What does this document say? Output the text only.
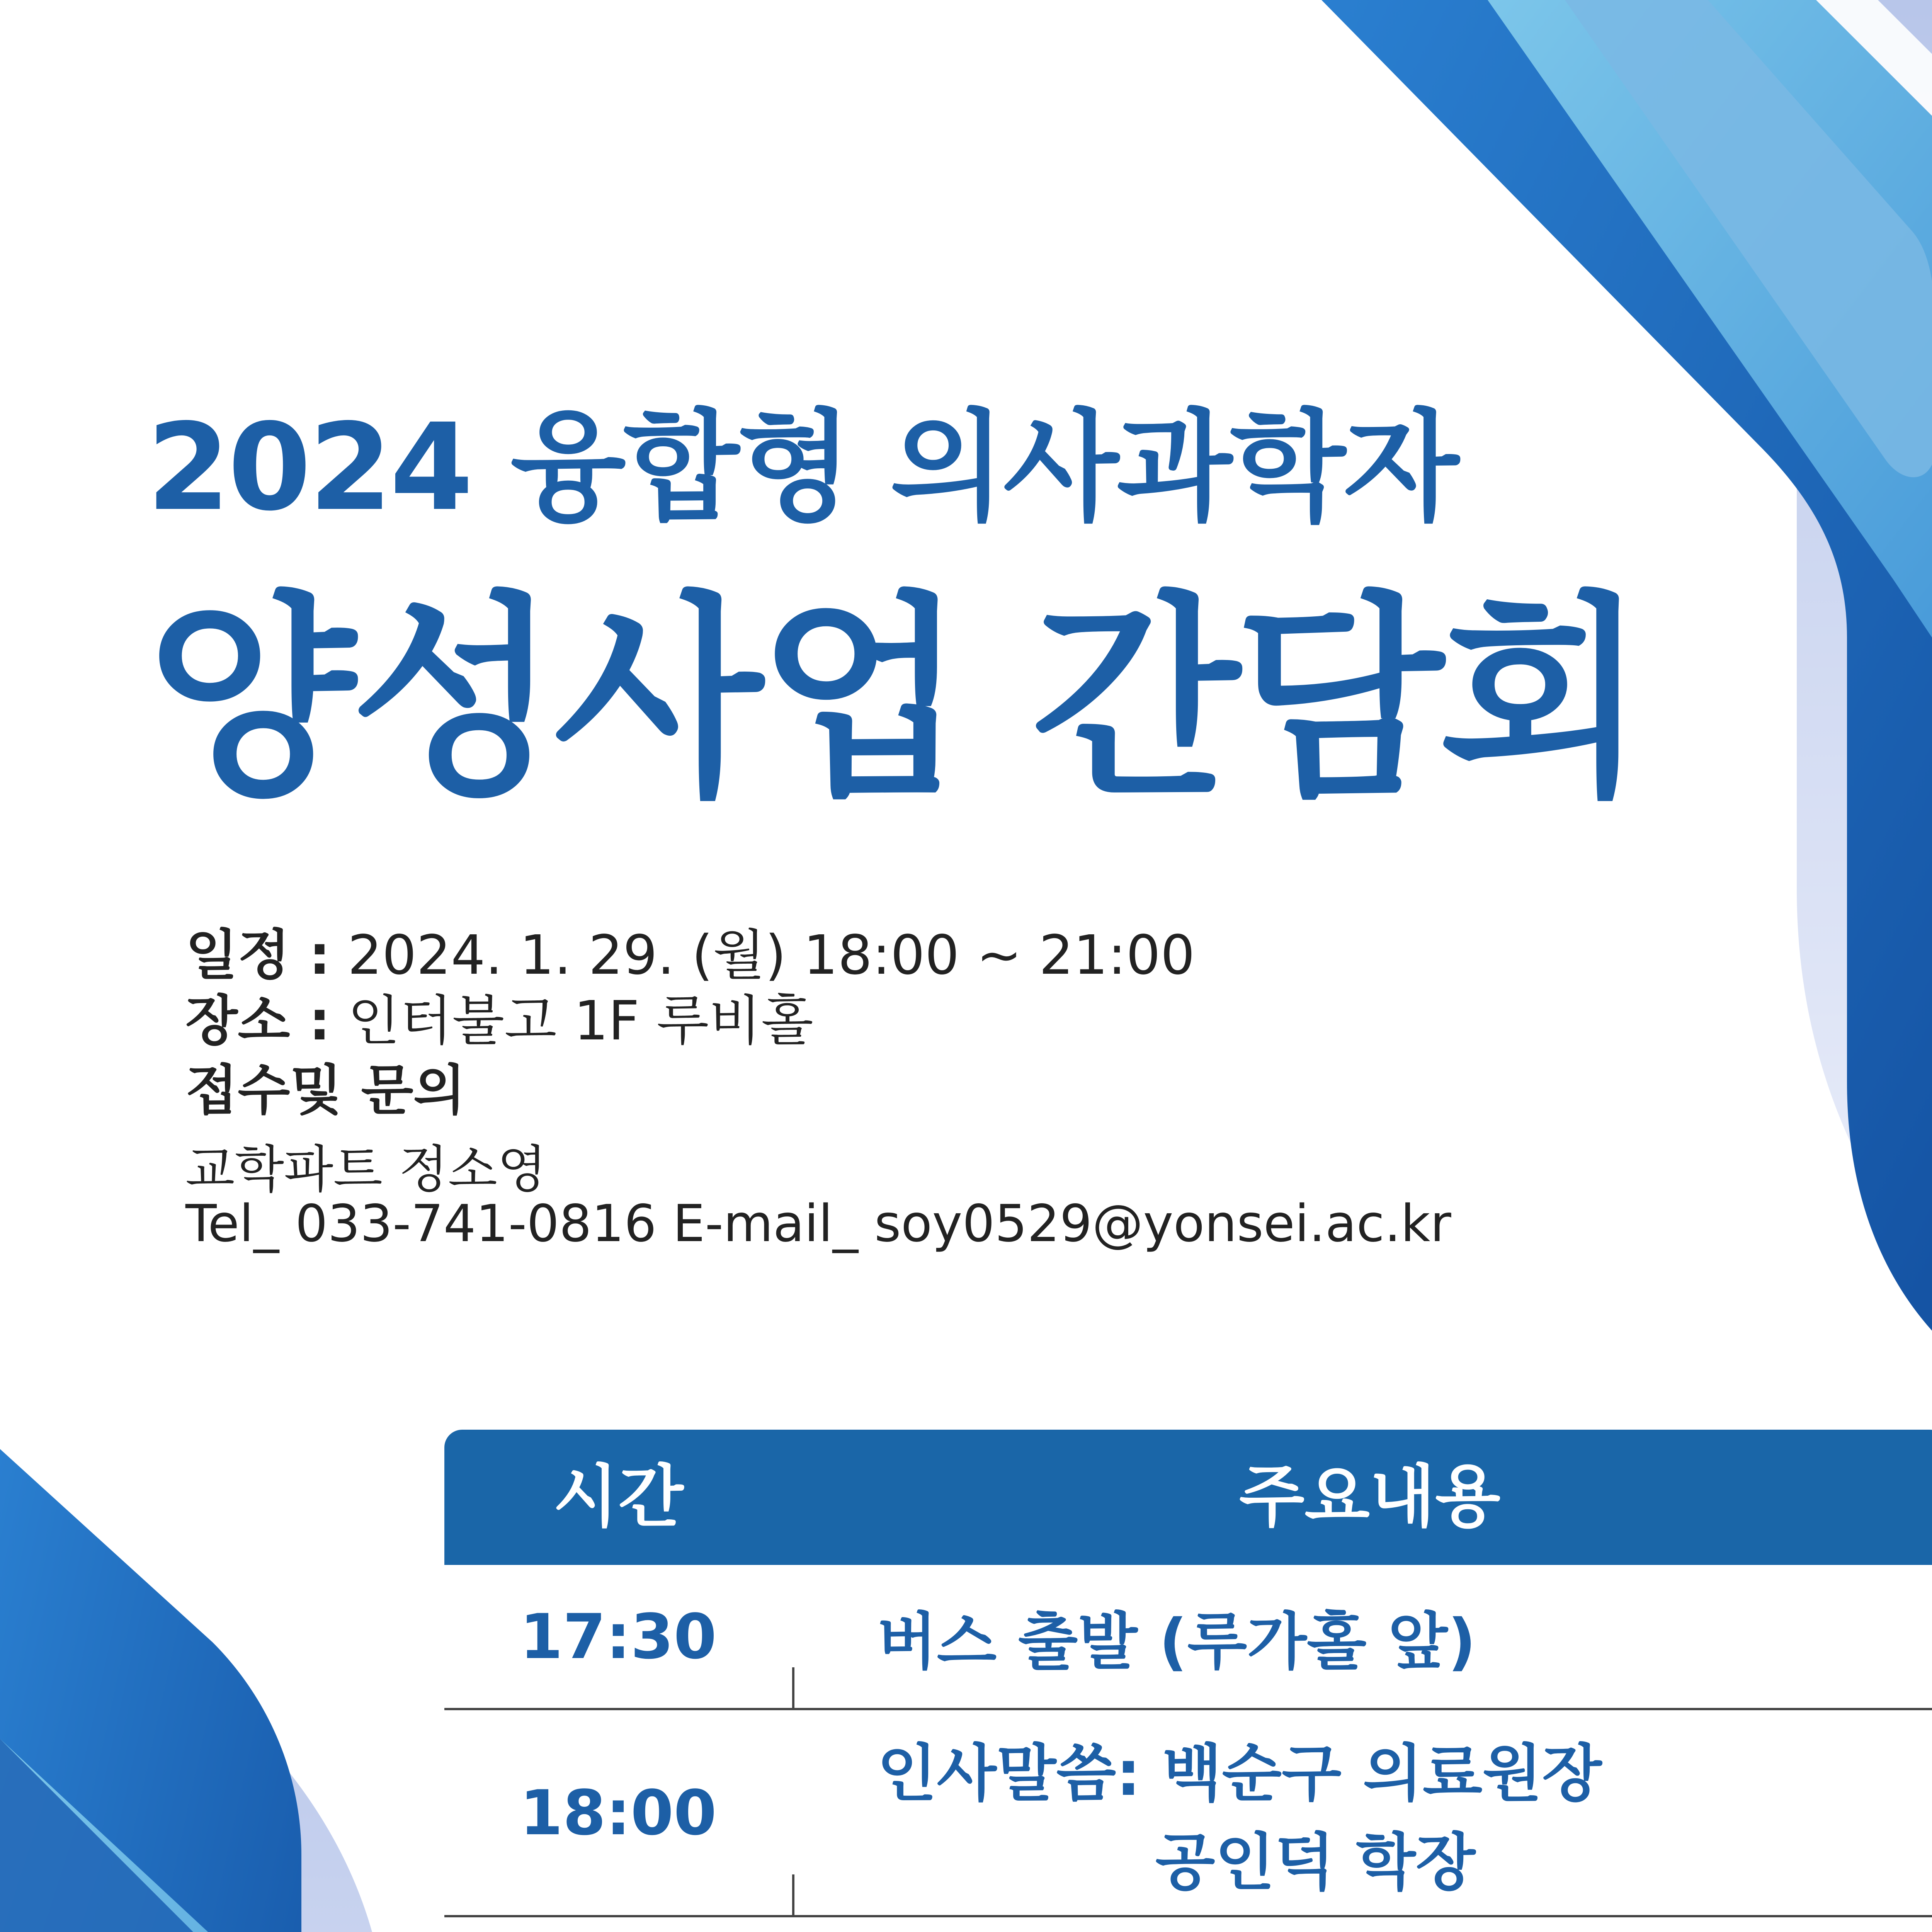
2024 융합형 의사과학자
양성사업 간담회
일정 : 2024. 1. 29. (월) 18:00 ~ 21:00
장소 : 인터불고 1F 루비홀
접수및 문의
교학파트 정소영
Tel_ 033-741-0816 E-mail_ soy0529@yonsei.ac.kr
시간	주요내용
17:30	버스 출발 (루가홀 앞)
18:00
인사말씀: 백순구 의료원장
공인덕 학장
